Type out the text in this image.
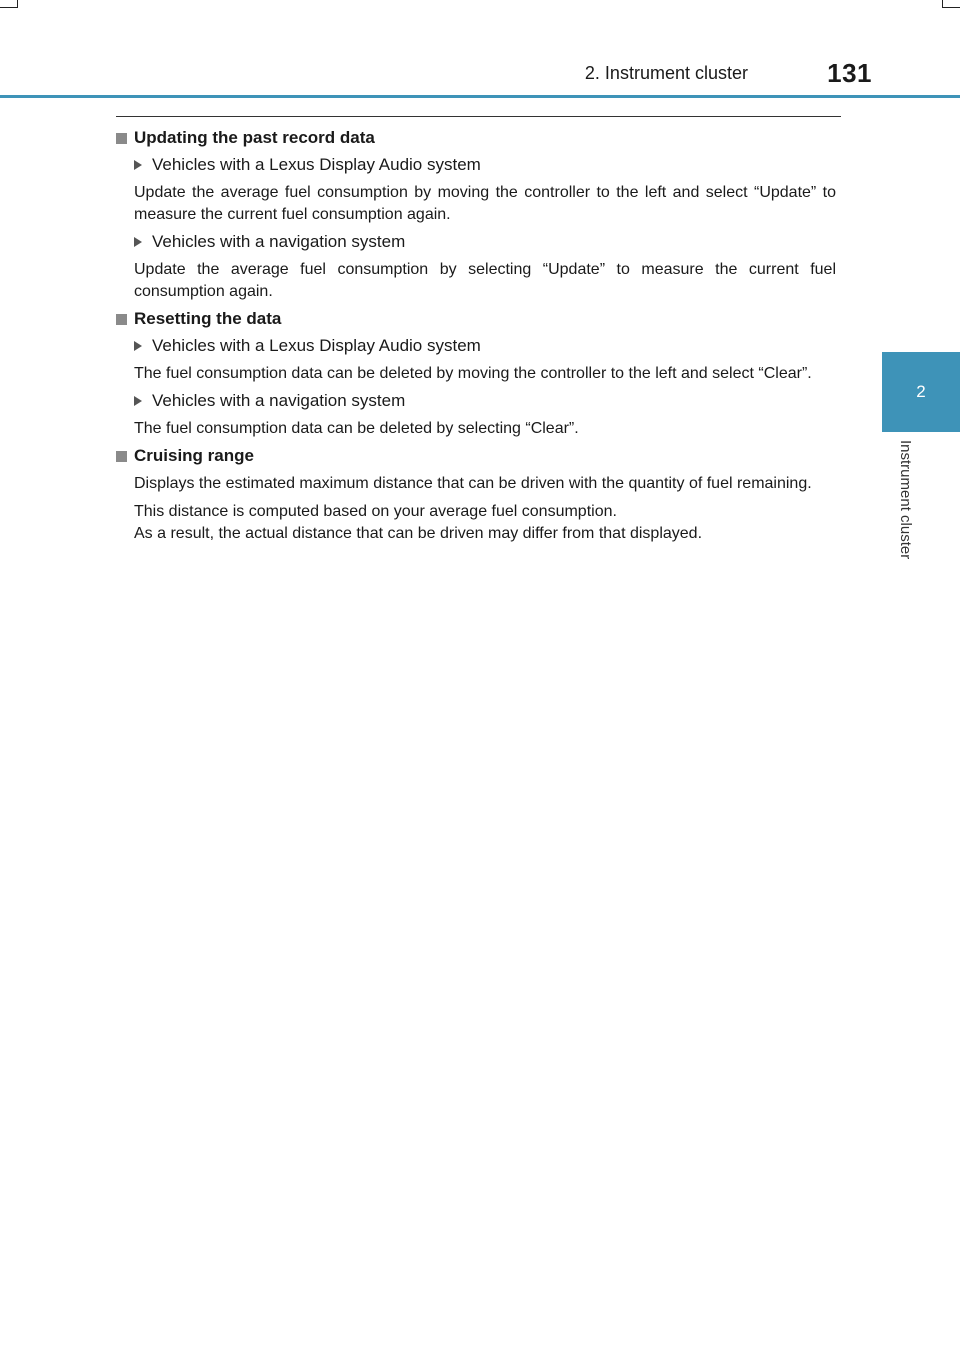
2. Instrument cluster	131
2
Instrument cluster
Updating the past record data
Vehicles with a Lexus Display Audio system

Update the average fuel consumption by moving the controller to the left and select “Update” to measure the current fuel consumption again.

Vehicles with a navigation system

Update the average fuel consumption by selecting “Update” to measure the current fuel consumption again.

Resetting the data
Vehicles with a Lexus Display Audio system

The fuel consumption data can be deleted by moving the controller to the left and select “Clear”.

Vehicles with a navigation system

The fuel consumption data can be deleted by selecting “Clear”.

Cruising range

Displays the estimated maximum distance that can be driven with the quantity of fuel remaining.

This distance is computed based on your average fuel consumption.
As a result, the actual distance that can be driven may differ from that displayed.
